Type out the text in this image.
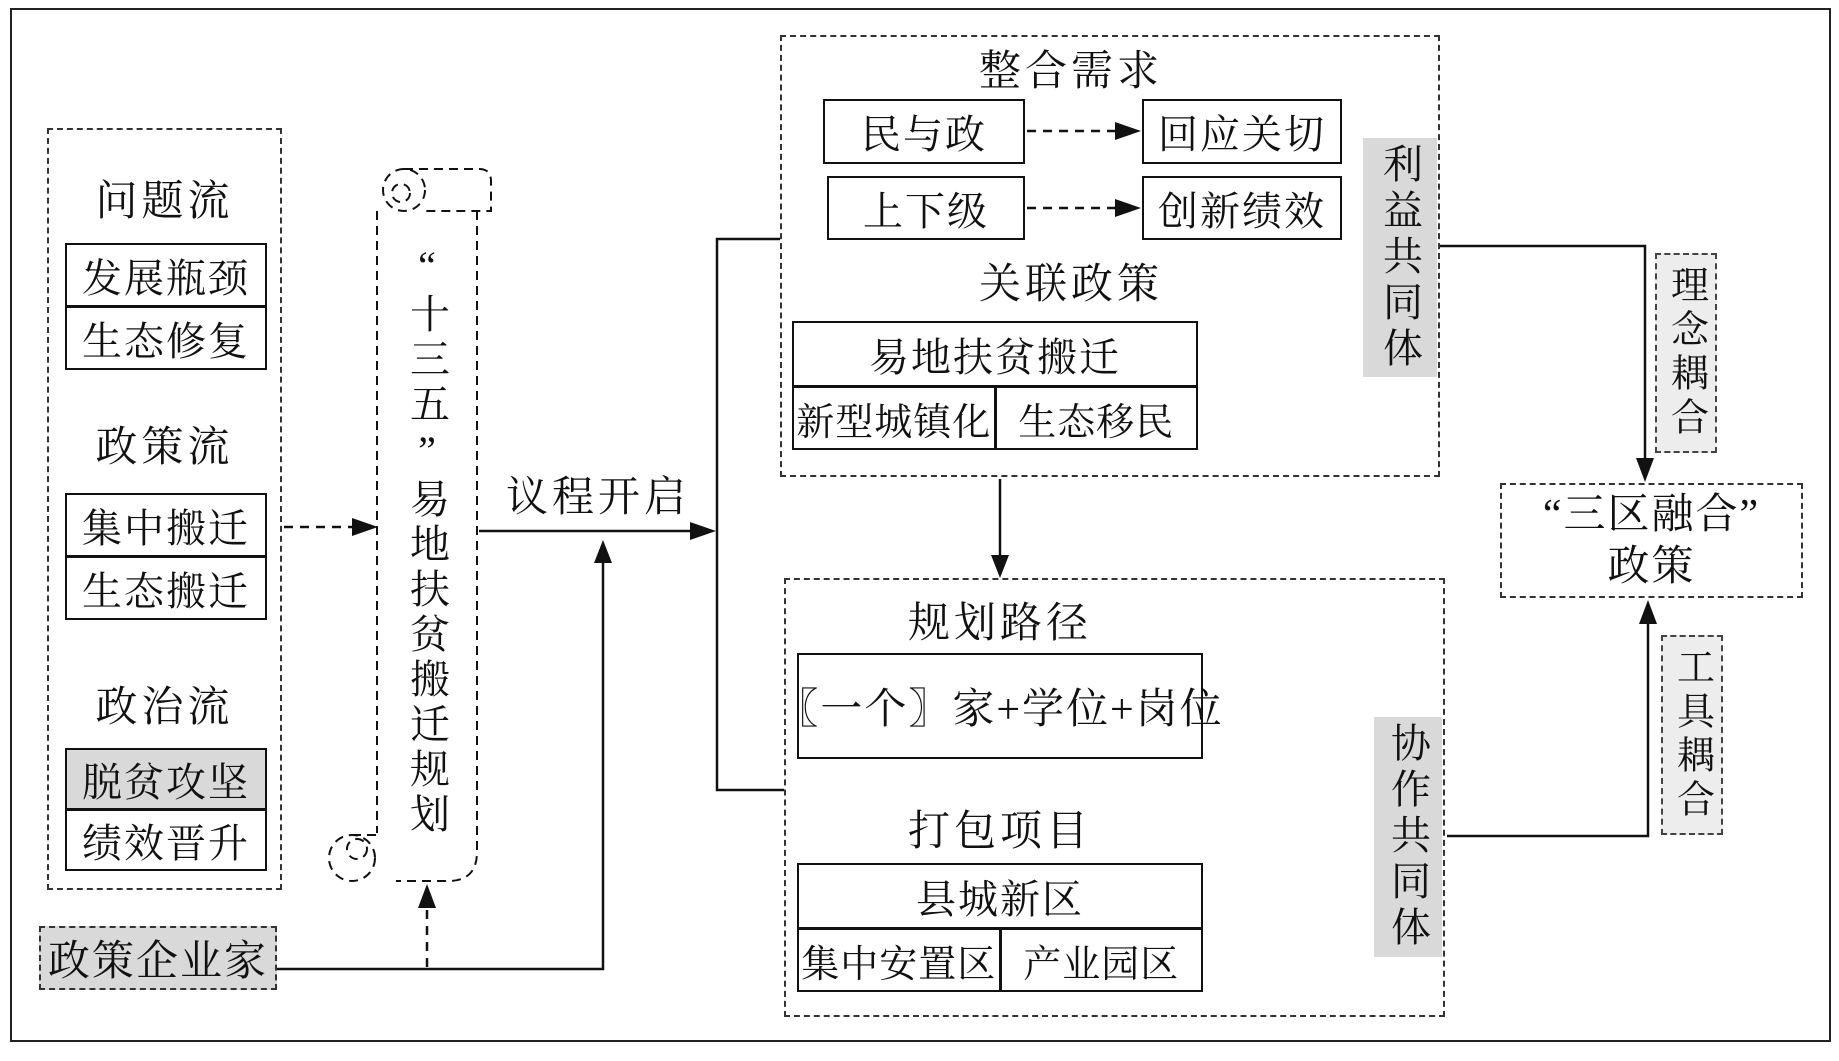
问题流
发展瓶颈
生态修复
政策流
集中搬迁
生态搬迁
政治流
脱贫攻坚
绩效晋升
政策企业家
“十三五”易地扶贫搬迁规划 议程开启
整合需求
民与政	回应关切
上下级	创新绩效
关联政策
易地扶贫搬迁
新型城镇化 生态移民
利益共同体
规划路径
〖一个〗家+学位+岗位
打包项目
县城新区
集中安置区 产业园区
协作共同体
理念耦合
工具耦合
“三区融合”
政策
